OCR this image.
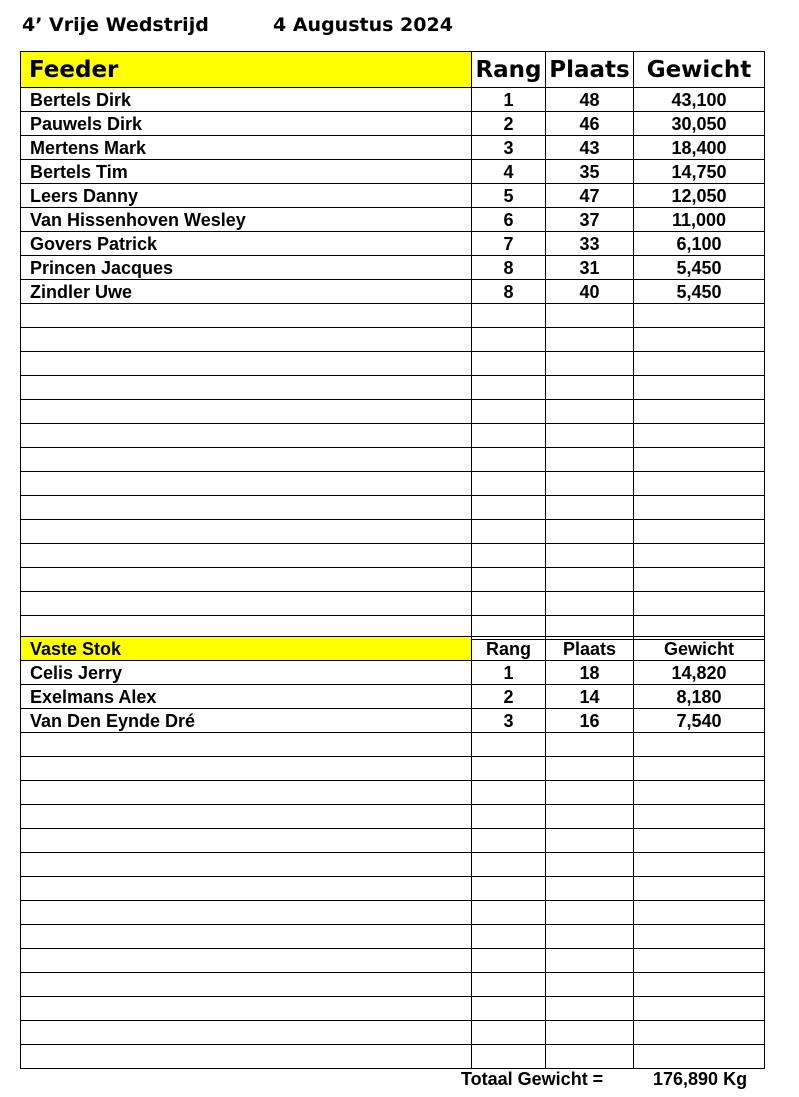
4’ Vrije Wedstrijd	4 Augustus 2024
Feeder	Rang	Plaats	Gewicht
Bertels Dirk	1	48	43,100
Pauwels Dirk	2	46	30,050
Mertens Mark	3	43	18,400
Bertels Tim	4	35	14,750
Leers Danny	5	47	12,050
Van Hissenhoven Wesley	6	37	11,000
Govers Patrick	7	33	6,100
Princen Jacques	8	31	5,450
Zindler Uwe	8	40	5,450

Vaste Stok	Rang	Plaats	Gewicht
Celis Jerry	1	18	14,820
Exelmans Alex	2	14	8,180
Van Den Eynde Dré	3	16	7,540

Totaal Gewicht =	176,890 Kg
